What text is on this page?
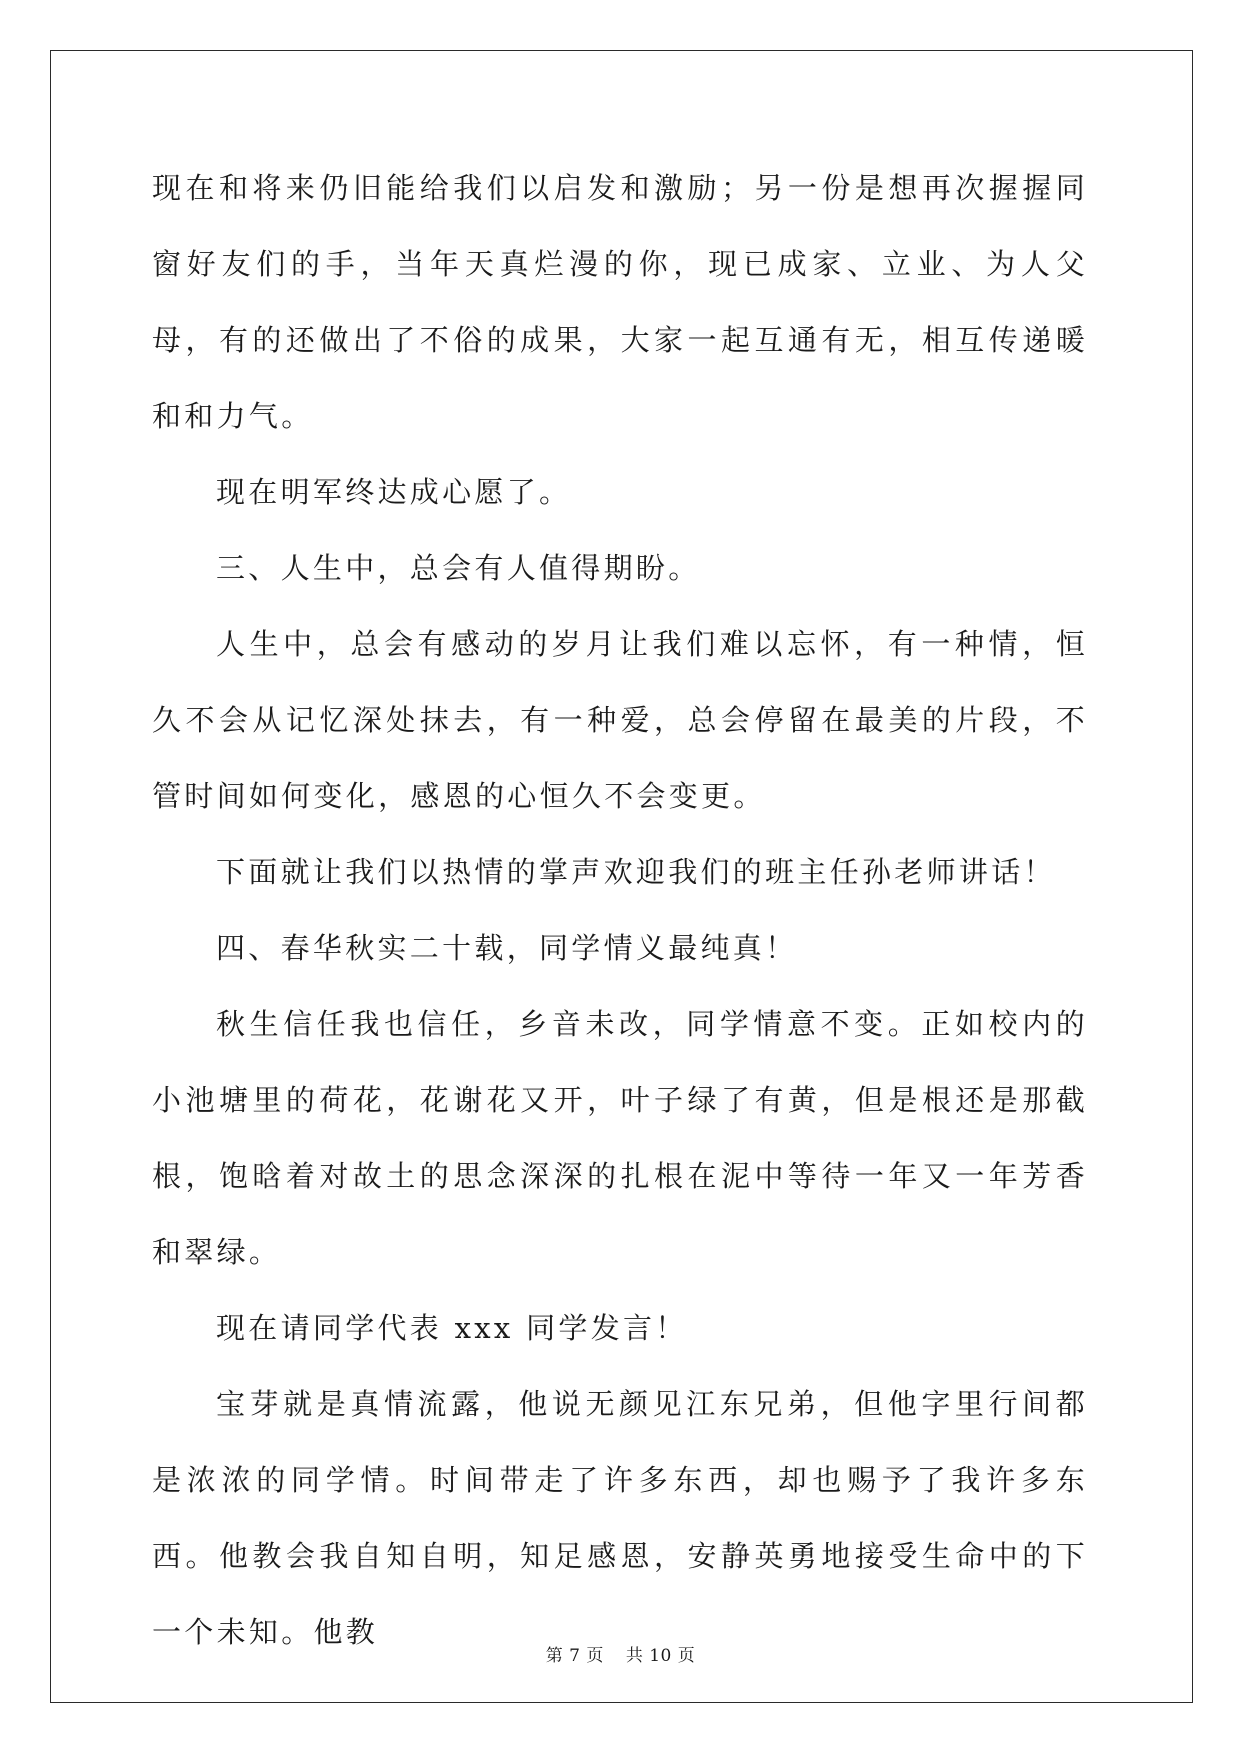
现在和将来仍旧能给我们以启发和激励；另一份是想再次握握同窗好友们的手，当年天真烂漫的你，现已成家、立业、为人父母，有的还做出了不俗的成果，大家一起互通有无，相互传递暖和和力气。

现在明军终达成心愿了。

三、人生中，总会有人值得期盼。

人生中，总会有感动的岁月让我们难以忘怀，有一种情，恒久不会从记忆深处抹去，有一种爱，总会停留在最美的片段，不管时间如何变化，感恩的心恒久不会变更。

下面就让我们以热情的掌声欢迎我们的班主任孙老师讲话！

四、春华秋实二十载，同学情义最纯真！

秋生信任我也信任，乡音未改，同学情意不变。正如校内的小池塘里的荷花，花谢花又开，叶子绿了有黄，但是根还是那截根，饱晗着对故土的思念深深的扎根在泥中等待一年又一年芳香和翠绿。

现在请同学代表 xxx 同学发言！

宝芽就是真情流露，他说无颜见江东兄弟，但他字里行间都是浓浓的同学情。时间带走了许多东西，却也赐予了我许多东西。他教会我自知自明，知足感恩，安静英勇地接受生命中的下一个未知。他教

第 7 页 共 10 页
